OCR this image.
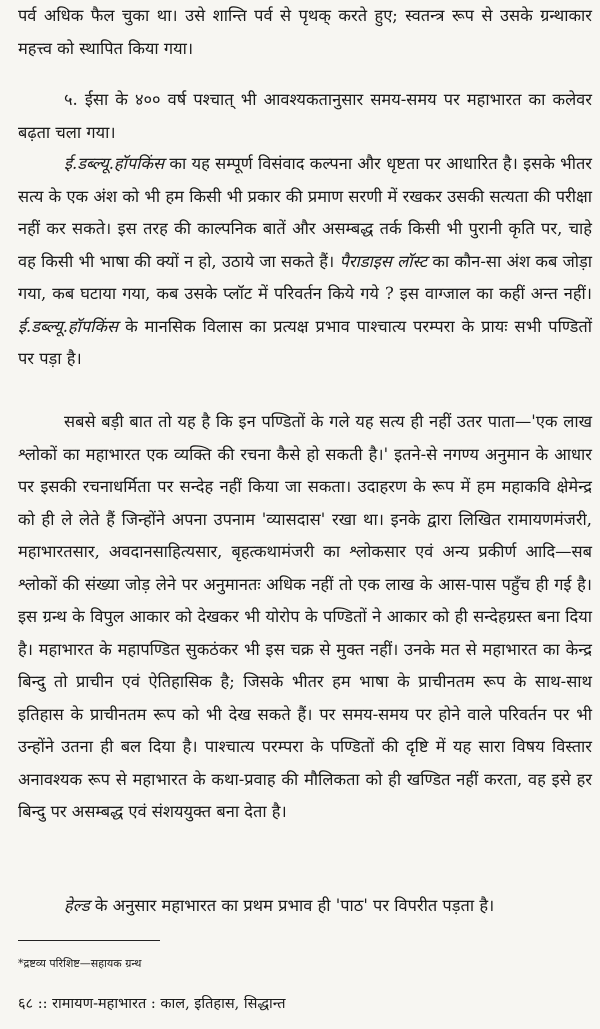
पर्व अधिक फैल चुका था। उसे शान्ति पर्व से पृथक् करते हुए; स्वतन्त्र रूप से उसके ग्रन्थाकार महत्त्व को स्थापित किया गया।

५. ईसा के ४०० वर्ष पश्चात् भी आवश्यकतानुसार समय-समय पर महाभारत का कलेवर बढ़ता चला गया।

ई.डब्ल्यू.हॉपकिंस का यह सम्पूर्ण विसंवाद कल्पना और धृष्टता पर आधारित है। इसके भीतर सत्य के एक अंश को भी हम किसी भी प्रकार की प्रमाण सरणी में रखकर उसकी सत्यता की परीक्षा नहीं कर सकते। इस तरह की काल्पनिक बातें और असम्बद्ध तर्क किसी भी पुरानी कृति पर, चाहे वह किसी भी भाषा की क्यों न हो, उठाये जा सकते हैं। पैराडाइस लॉस्ट का कौन-सा अंश कब जोड़ा गया, कब घटाया गया, कब उसके प्लॉट में परिवर्तन किये गये ? इस वाग्जाल का कहीं अन्त नहीं। ई.डब्ल्यू.हॉपकिंस के मानसिक विलास का प्रत्यक्ष प्रभाव पाश्चात्य परम्परा के प्रायः सभी पण्डितों पर पड़ा है।

सबसे बड़ी बात तो यह है कि इन पण्डितों के गले यह सत्य ही नहीं उतर पाता—'एक लाख श्लोकों का महाभारत एक व्यक्ति की रचना कैसे हो सकती है।' इतने-से नगण्य अनुमान के आधार पर इसकी रचनाधर्मिता पर सन्देह नहीं किया जा सकता। उदाहरण के रूप में हम महाकवि क्षेमेन्द्र को ही ले लेते हैं जिन्होंने अपना उपनाम 'व्यासदास' रखा था। इनके द्वारा लिखित रामायणमंजरी, महाभारतसार, अवदानसाहित्यसार, बृहत्कथामंजरी का श्लोकसार एवं अन्य प्रकीर्ण आदि—सब श्लोकों की संख्या जोड़ लेने पर अनुमानतः अधिक नहीं तो एक लाख के आस-पास पहुँच ही गई है। इस ग्रन्थ के विपुल आकार को देखकर भी योरोप के पण्डितों ने आकार को ही सन्देहग्रस्त बना दिया है। महाभारत के महापण्डित सुकठंकर भी इस चक्र से मुक्त नहीं। उनके मत से महाभारत का केन्द्र बिन्दु तो प्राचीन एवं ऐतिहासिक है; जिसके भीतर हम भाषा के प्राचीनतम रूप के साथ-साथ इतिहास के प्राचीनतम रूप को भी देख सकते हैं। पर समय-समय पर होने वाले परिवर्तन पर भी उन्होंने उतना ही बल दिया है। पाश्चात्य परम्परा के पण्डितों की दृष्टि में यह सारा विषय विस्तार अनावश्यक रूप से महाभारत के कथा-प्रवाह की मौलिकता को ही खण्डित नहीं करता, वह इसे हर बिन्दु पर असम्बद्ध एवं संशययुक्त बना देता है।

हेल्ड के अनुसार महाभारत का प्रथम प्रभाव ही 'पाठ' पर विपरीत पड़ता है।

*द्रष्टव्य परिशिष्ट—सहायक ग्रन्थ
६८ :: रामायण-महाभारत : काल, इतिहास, सिद्धान्त
